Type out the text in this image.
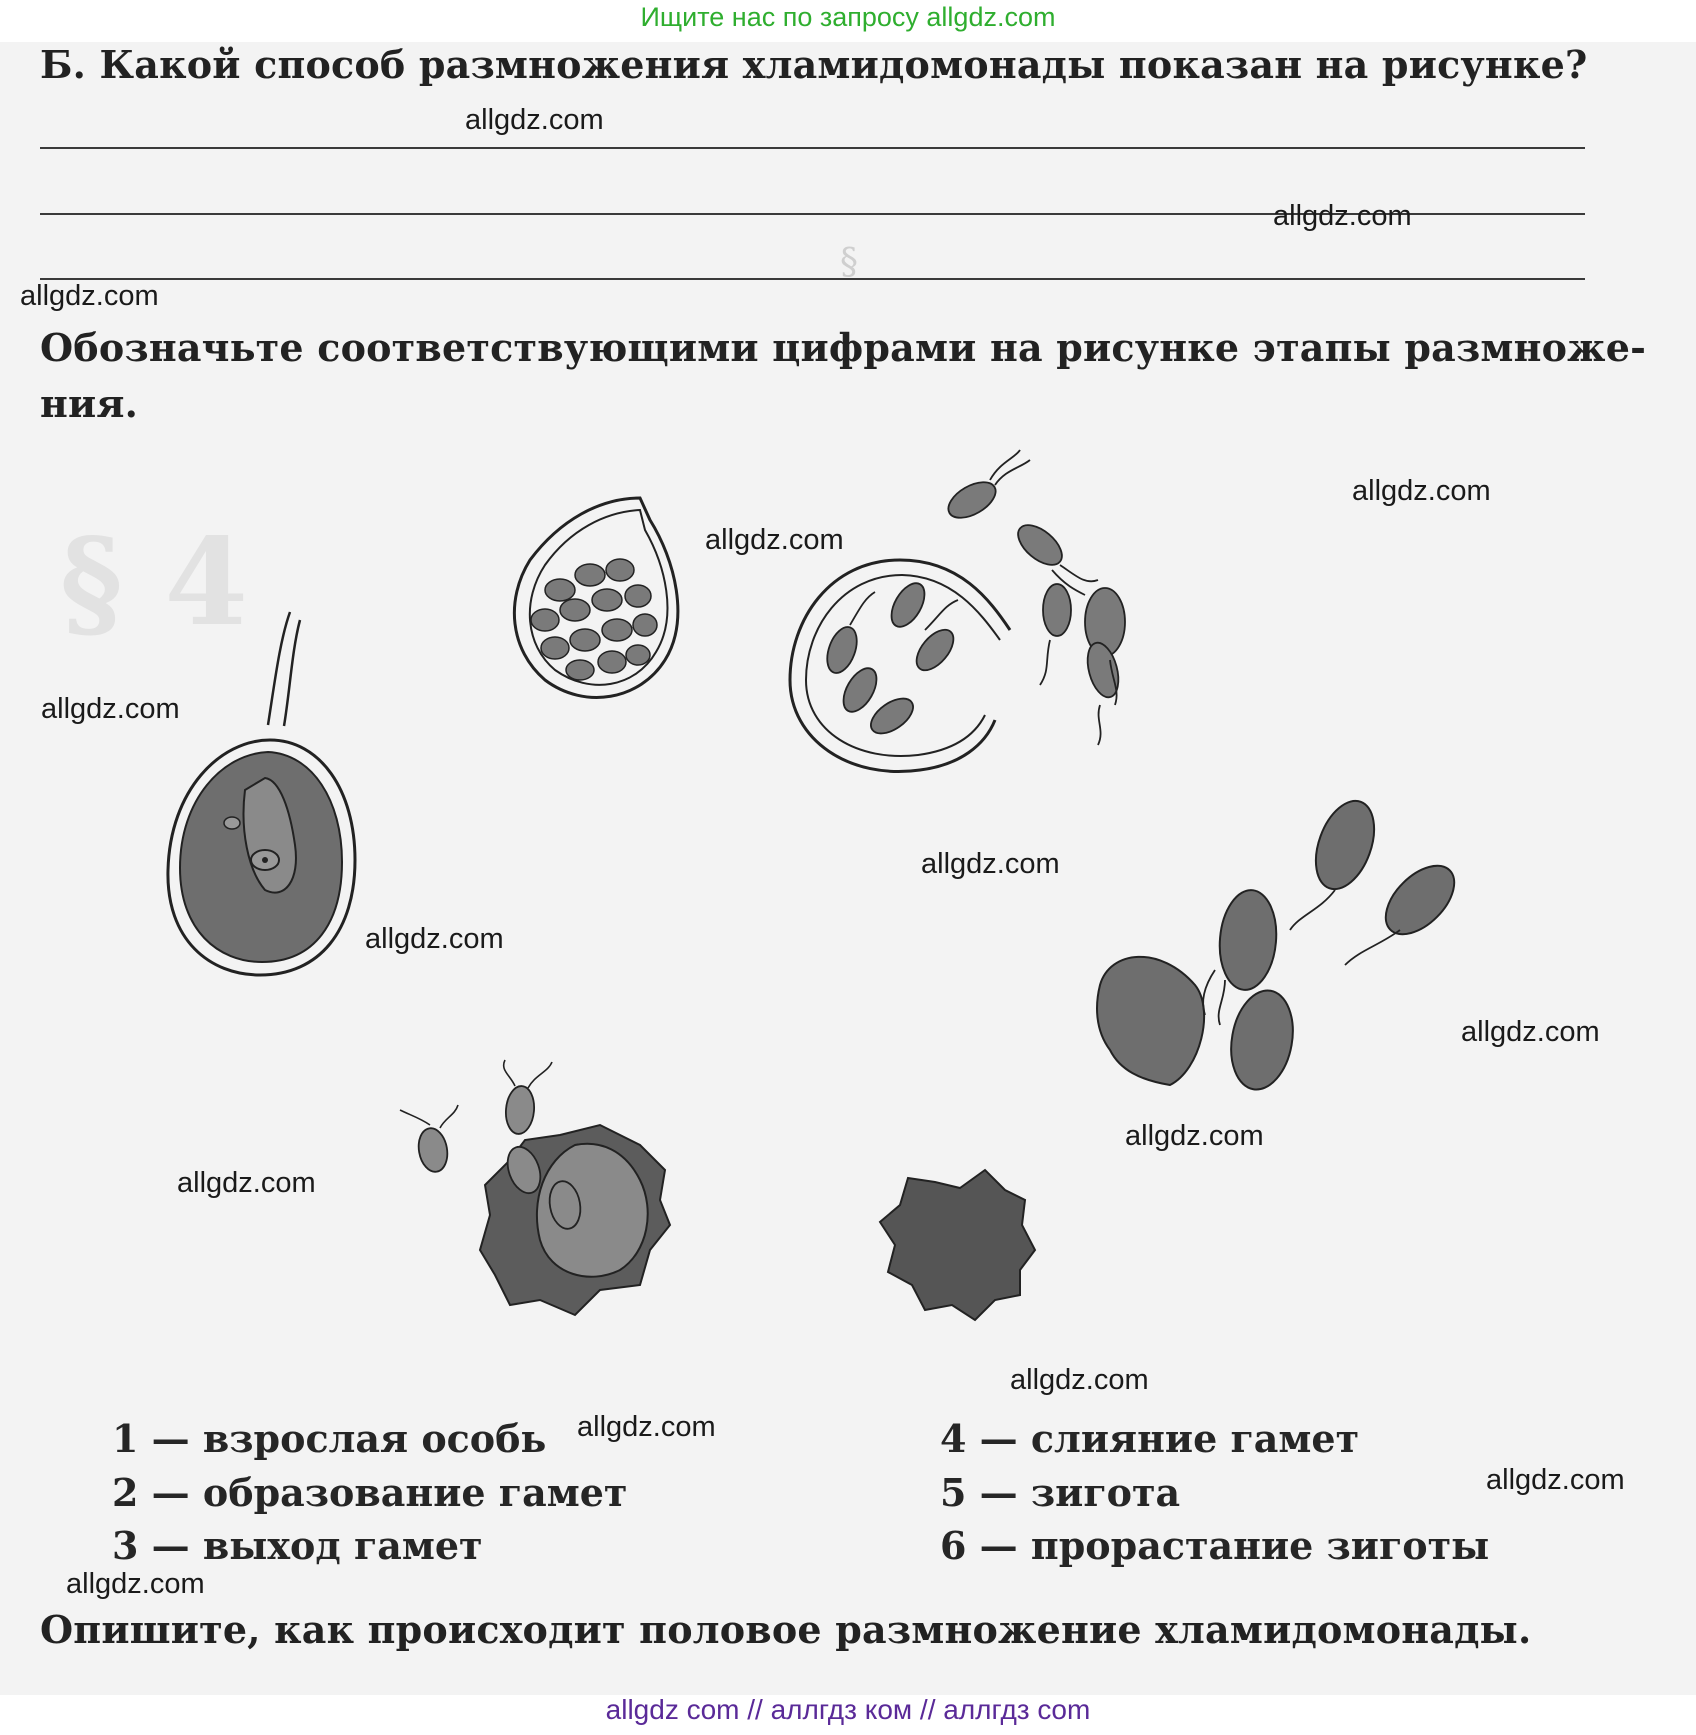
Ищите нас по запросу allgdz.com
§
§ 4
Б. Какой способ размножения хламидомонады показан на рисунке?
Обозначьте соответствующими цифрами на рисунке этапы размноже-
ния.
1 — взрослая особь
2 — образование гамет
3 — выход гамет
4 — слияние гамет
5 — зигота
6 — прорастание зиготы
Опишите, как происходит половое размножение хламидомонады.
allgdz.com
allgdz.com
allgdz.com
allgdz.com
allgdz.com
allgdz.com
allgdz.com
allgdz.com
allgdz.com
allgdz.com
allgdz.com
allgdz.com
allgdz.com
allgdz.com
allgdz.com
allgdz com // аллгдз ком // аллгдз com
